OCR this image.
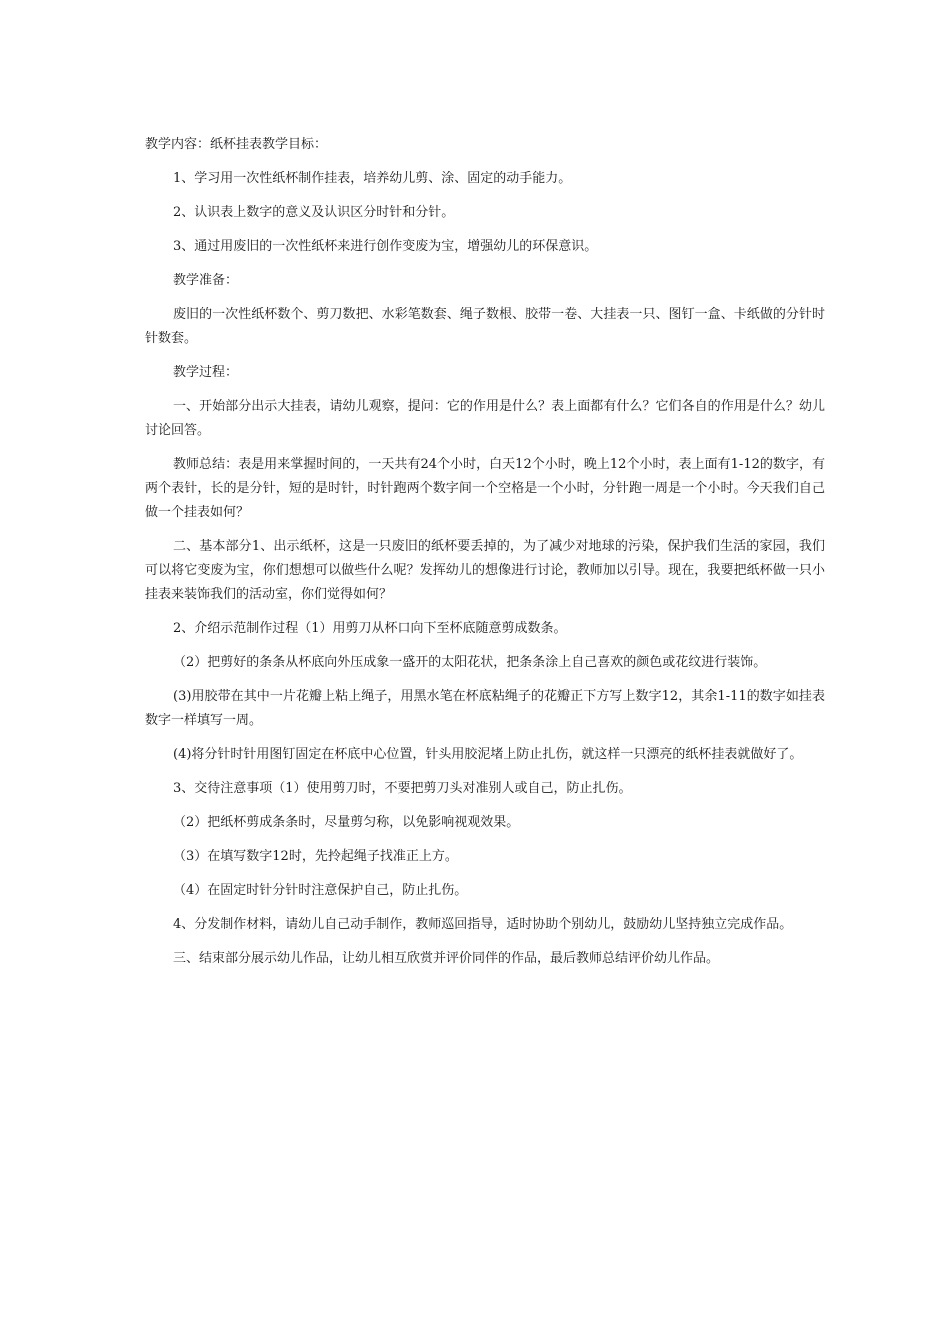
教学内容：纸杯挂表教学目标：

1、学习用一次性纸杯制作挂表，培养幼儿剪、涂、固定的动手能力。

2、认识表上数字的意义及认识区分时针和分针。

3、通过用废旧的一次性纸杯来进行创作变废为宝，增强幼儿的环保意识。

教学准备：

废旧的一次性纸杯数个、剪刀数把、水彩笔数套、绳子数根、胶带一卷、大挂表一只、图钉一盒、卡纸做的分针时针数套。

教学过程：

一、开始部分出示大挂表，请幼儿观察，提问：它的作用是什么？表上面都有什么？它们各自的作用是什么？幼儿讨论回答。

教师总结：表是用来掌握时间的，一天共有24个小时，白天12个小时，晚上12个小时，表上面有1-12的数字，有两个表针，长的是分针，短的是时针，时针跑两个数字间一个空格是一个小时，分针跑一周是一个小时。今天我们自己做一个挂表如何？

二、基本部分1、出示纸杯，这是一只废旧的纸杯要丢掉的，为了减少对地球的污染，保护我们生活的家园，我们可以将它变废为宝，你们想想可以做些什么呢？发挥幼儿的想像进行讨论，教师加以引导。现在，我要把纸杯做一只小挂表来装饰我们的活动室，你们觉得如何？

2、介绍示范制作过程（1）用剪刀从杯口向下至杯底随意剪成数条。

（2）把剪好的条条从杯底向外压成象一盛开的太阳花状，把条条涂上自己喜欢的颜色或花纹进行装饰。

(3)用胶带在其中一片花瓣上粘上绳子，用黑水笔在杯底粘绳子的花瓣正下方写上数字12，其余1-11的数字如挂表数字一样填写一周。

(4)将分针时针用图钉固定在杯底中心位置，针头用胶泥堵上防止扎伤，就这样一只漂亮的纸杯挂表就做好了。

3、交待注意事项（1）使用剪刀时，不要把剪刀头对准别人或自己，防止扎伤。

（2）把纸杯剪成条条时，尽量剪匀称，以免影响视观效果。

（3）在填写数字12时，先拎起绳子找准正上方。

（4）在固定时针分针时注意保护自己，防止扎伤。

4、分发制作材料，请幼儿自己动手制作，教师巡回指导，适时协助个别幼儿，鼓励幼儿坚持独立完成作品。

三、结束部分展示幼儿作品，让幼儿相互欣赏并评价同伴的作品，最后教师总结评价幼儿作品。
